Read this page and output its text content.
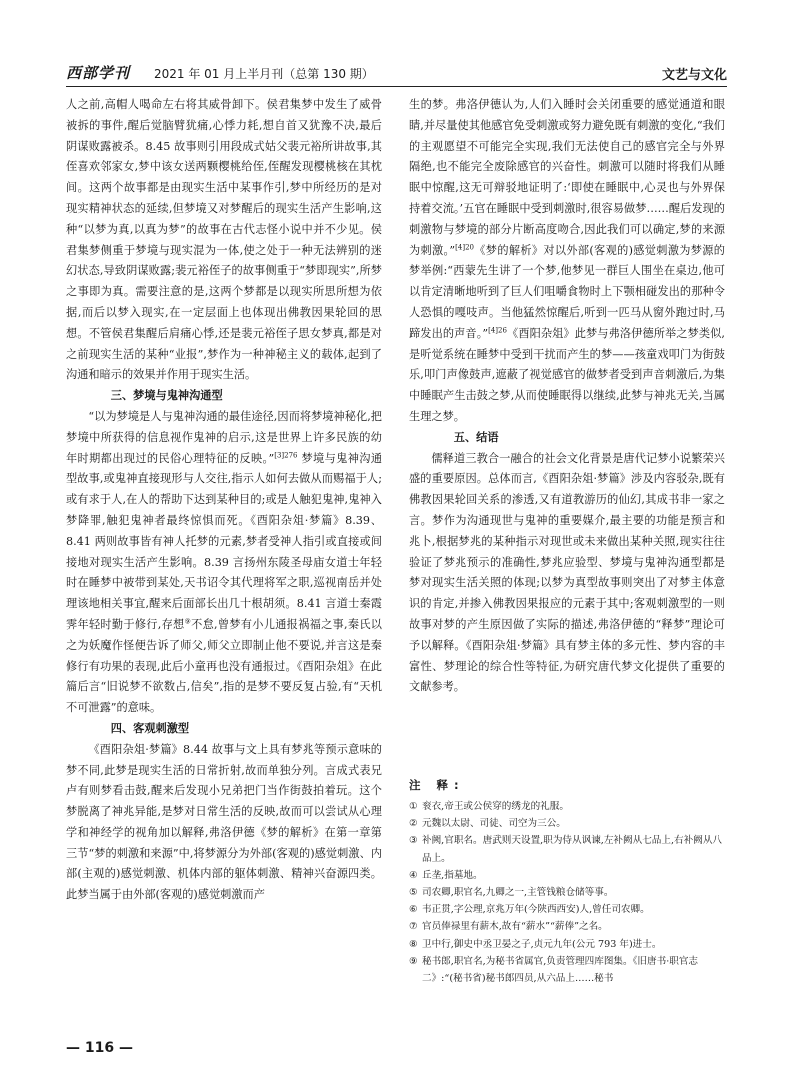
西部学刊 2021 年 01 月上半月刊（总第 130 期）	文艺与文化

人之前,高帽人喝命左右将其威骨卸下。侯君集梦中发生了威骨被拆的事件,醒后觉脑臂犹痛,心悸力耗,想自首又犹豫不决,最后阴谋败露被杀。8.45 故事则引用段成式姑父裴元裕所讲故事,其侄喜欢邻家女,梦中该女送两颗樱桃给侄,侄醒发现樱桃核在其枕间。这两个故事都是由现实生活中某事作引,梦中所经历的是对现实精神状态的延续,但梦境又对梦醒后的现实生活产生影响,这种“以梦为真,以真为梦”的故事在古代志怪小说中并不少见。侯君集梦侧重于梦境与现实混为一体,使之处于一种无法辨别的迷幻状态,导致阴谋败露;裴元裕侄子的故事侧重于“梦即现实”,所梦之事即为真。需要注意的是,这两个梦都是以现实所思所想为依据,而后以梦入现实,在一定层面上也体现出佛教因果轮回的思想。不管侯君集醒后肩痛心悸,还是裴元裕侄子思女梦真,都是对之前现实生活的某种“业报”,梦作为一种神秘主义的载体,起到了沟通和暗示的效果并作用于现实生活。

三、梦境与鬼神沟通型

“以为梦境是人与鬼神沟通的最佳途径,因而将梦境神秘化,把梦境中所获得的信息视作鬼神的启示,这是世界上许多民族的幼年时期都出现过的民俗心理特征的反映。”$^{[3]276}$ 梦境与鬼神沟通型故事,或鬼神直接现形与人交往,指示人如何去做从而赐福于人;或有求于人,在人的帮助下达到某种目的;或是人触犯鬼神,鬼神入梦降罪,触犯鬼神者最终惊惧而死。《酉阳杂俎·梦篇》8.39、8.41 两则故事皆有神人托梦的元素,梦者受神人指引或直接或间接地对现实生活产生影响。8.39 言扬州东陵圣母庙女道士年轻时在睡梦中被带到某处,天书诏令其代理将军之职,巡视南岳并处理该地相关事宜,醒来后面部长出几十根胡须。8.41 言道士秦霞霁年轻时勤于修行,存想⑨不怠,曾梦有小儿通报祸福之事,秦氏以之为妖魔作怪便告诉了师父,师父立即制止他不要说,并言这是秦修行有功果的表现,此后小童再也没有通报过。《酉阳杂俎》在此篇后言“旧说梦不欲数占,信矣”,指的是梦不要反复占验,有“天机不可泄露”的意味。

四、客观刺激型

《酉阳杂俎·梦篇》8.44 故事与文上具有梦兆等预示意味的梦不同,此梦是现实生活的日常折射,故而单独分列。言成式表兄卢有则梦看击鼓,醒来后发现小兄弟把门当作街鼓拍着玩。这个梦脱离了神兆异能,是梦对日常生活的反映,故而可以尝试从心理学和神经学的视角加以解释,弗洛伊德《梦的解析》在第一章第三节“梦的刺激和来源”中,将梦源分为外部(客观的)感觉刺激、内部(主观的)感觉刺激、机体内部的躯体刺激、精神兴奋源四类。此梦当属于由外部(客观的)感觉刺激而产

生的梦。弗洛伊德认为,人们入睡时会关闭重要的感觉通道和眼睛,并尽量使其他感官免受刺激或努力避免既有刺激的变化,“我们的主观愿望不可能完全实现,我们无法使自己的感官完全与外界隔绝,也不能完全废除感官的兴奋性。刺激可以随时将我们从睡眠中惊醒,这无可辩驳地证明了:‘即使在睡眠中,心灵也与外界保持着交流。’五官在睡眠中受到刺激时,很容易做梦……醒后发现的刺激物与梦境的部分片断高度吻合,因此我们可以确定,梦的来源为刺激。”$^{[4]20}$《梦的解析》对以外部(客观的)感觉刺激为梦源的梦举例:“西蒙先生讲了一个梦,他梦见一群巨人围坐在桌边,他可以肯定清晰地听到了巨人们咀嚼食物时上下颚相碰发出的那种令人恐惧的嘎吱声。当他猛然惊醒后,听到一匹马从窗外跑过时,马蹄发出的声音。”$^{[4]26}$《酉阳杂俎》此梦与弗洛伊德所举之梦类似,是听觉系统在睡梦中受到干扰而产生的梦——孩童戏叩门为街鼓乐,叩门声像鼓声,遮蔽了视觉感官的做梦者受到声音刺激后,为集中睡眠产生击鼓之梦,从而使睡眠得以继续,此梦与神兆无关,当属生理之梦。

五、结语

儒释道三教合一融合的社会文化背景是唐代记梦小说繁荣兴盛的重要原因。总体而言,《酉阳杂俎·梦篇》涉及内容驳杂,既有佛教因果轮回关系的渗透,又有道教游历的仙幻,其成书非一家之言。梦作为沟通现世与鬼神的重要媒介,最主要的功能是预言和兆卜,根据梦兆的某种指示对现世或未来做出某种关照,现实往往验证了梦兆预示的准确性,梦兆应验型、梦境与鬼神沟通型都是梦对现实生活关照的体现;以梦为真型故事则突出了对梦主体意识的肯定,并掺入佛教因果报应的元素于其中;客观刺激型的一则故事对梦的产生原因做了实际的描述,弗洛伊德的“释梦”理论可予以解释。《酉阳杂俎·梦篇》具有梦主体的多元性、梦内容的丰富性、梦理论的综合性等特征,为研究唐代梦文化提供了重要的文献参考。

注 释:
① 衮衣,帝王或公侯穿的绣龙的礼服。
② 元魏以太尉、司徒、司空为三公。
③ 补阙,官职名。唐武则天设置,职为侍从讽谏,左补阙从七品上,右补阙从八品上。
④ 丘垄,指墓地。
⑤ 司农卿,职官名,九卿之一,主管钱粮仓储等事。
⑥ 韦正贯,字公理,京兆万年(今陕西西安)人,曾任司农卿。
⑦ 官员俸禄里有薪木,故有“薪水”“薪俸”之名。
⑧ 卫中行,御史中丞卫晏之子,贞元九年(公元 793 年)进士。
⑨ 秘书郎,职官名,为秘书省属官,负责管理四库图集。《旧唐书·职官志二》:“(秘书省)秘书郎四员,从六品上……秘书
— 116 —
